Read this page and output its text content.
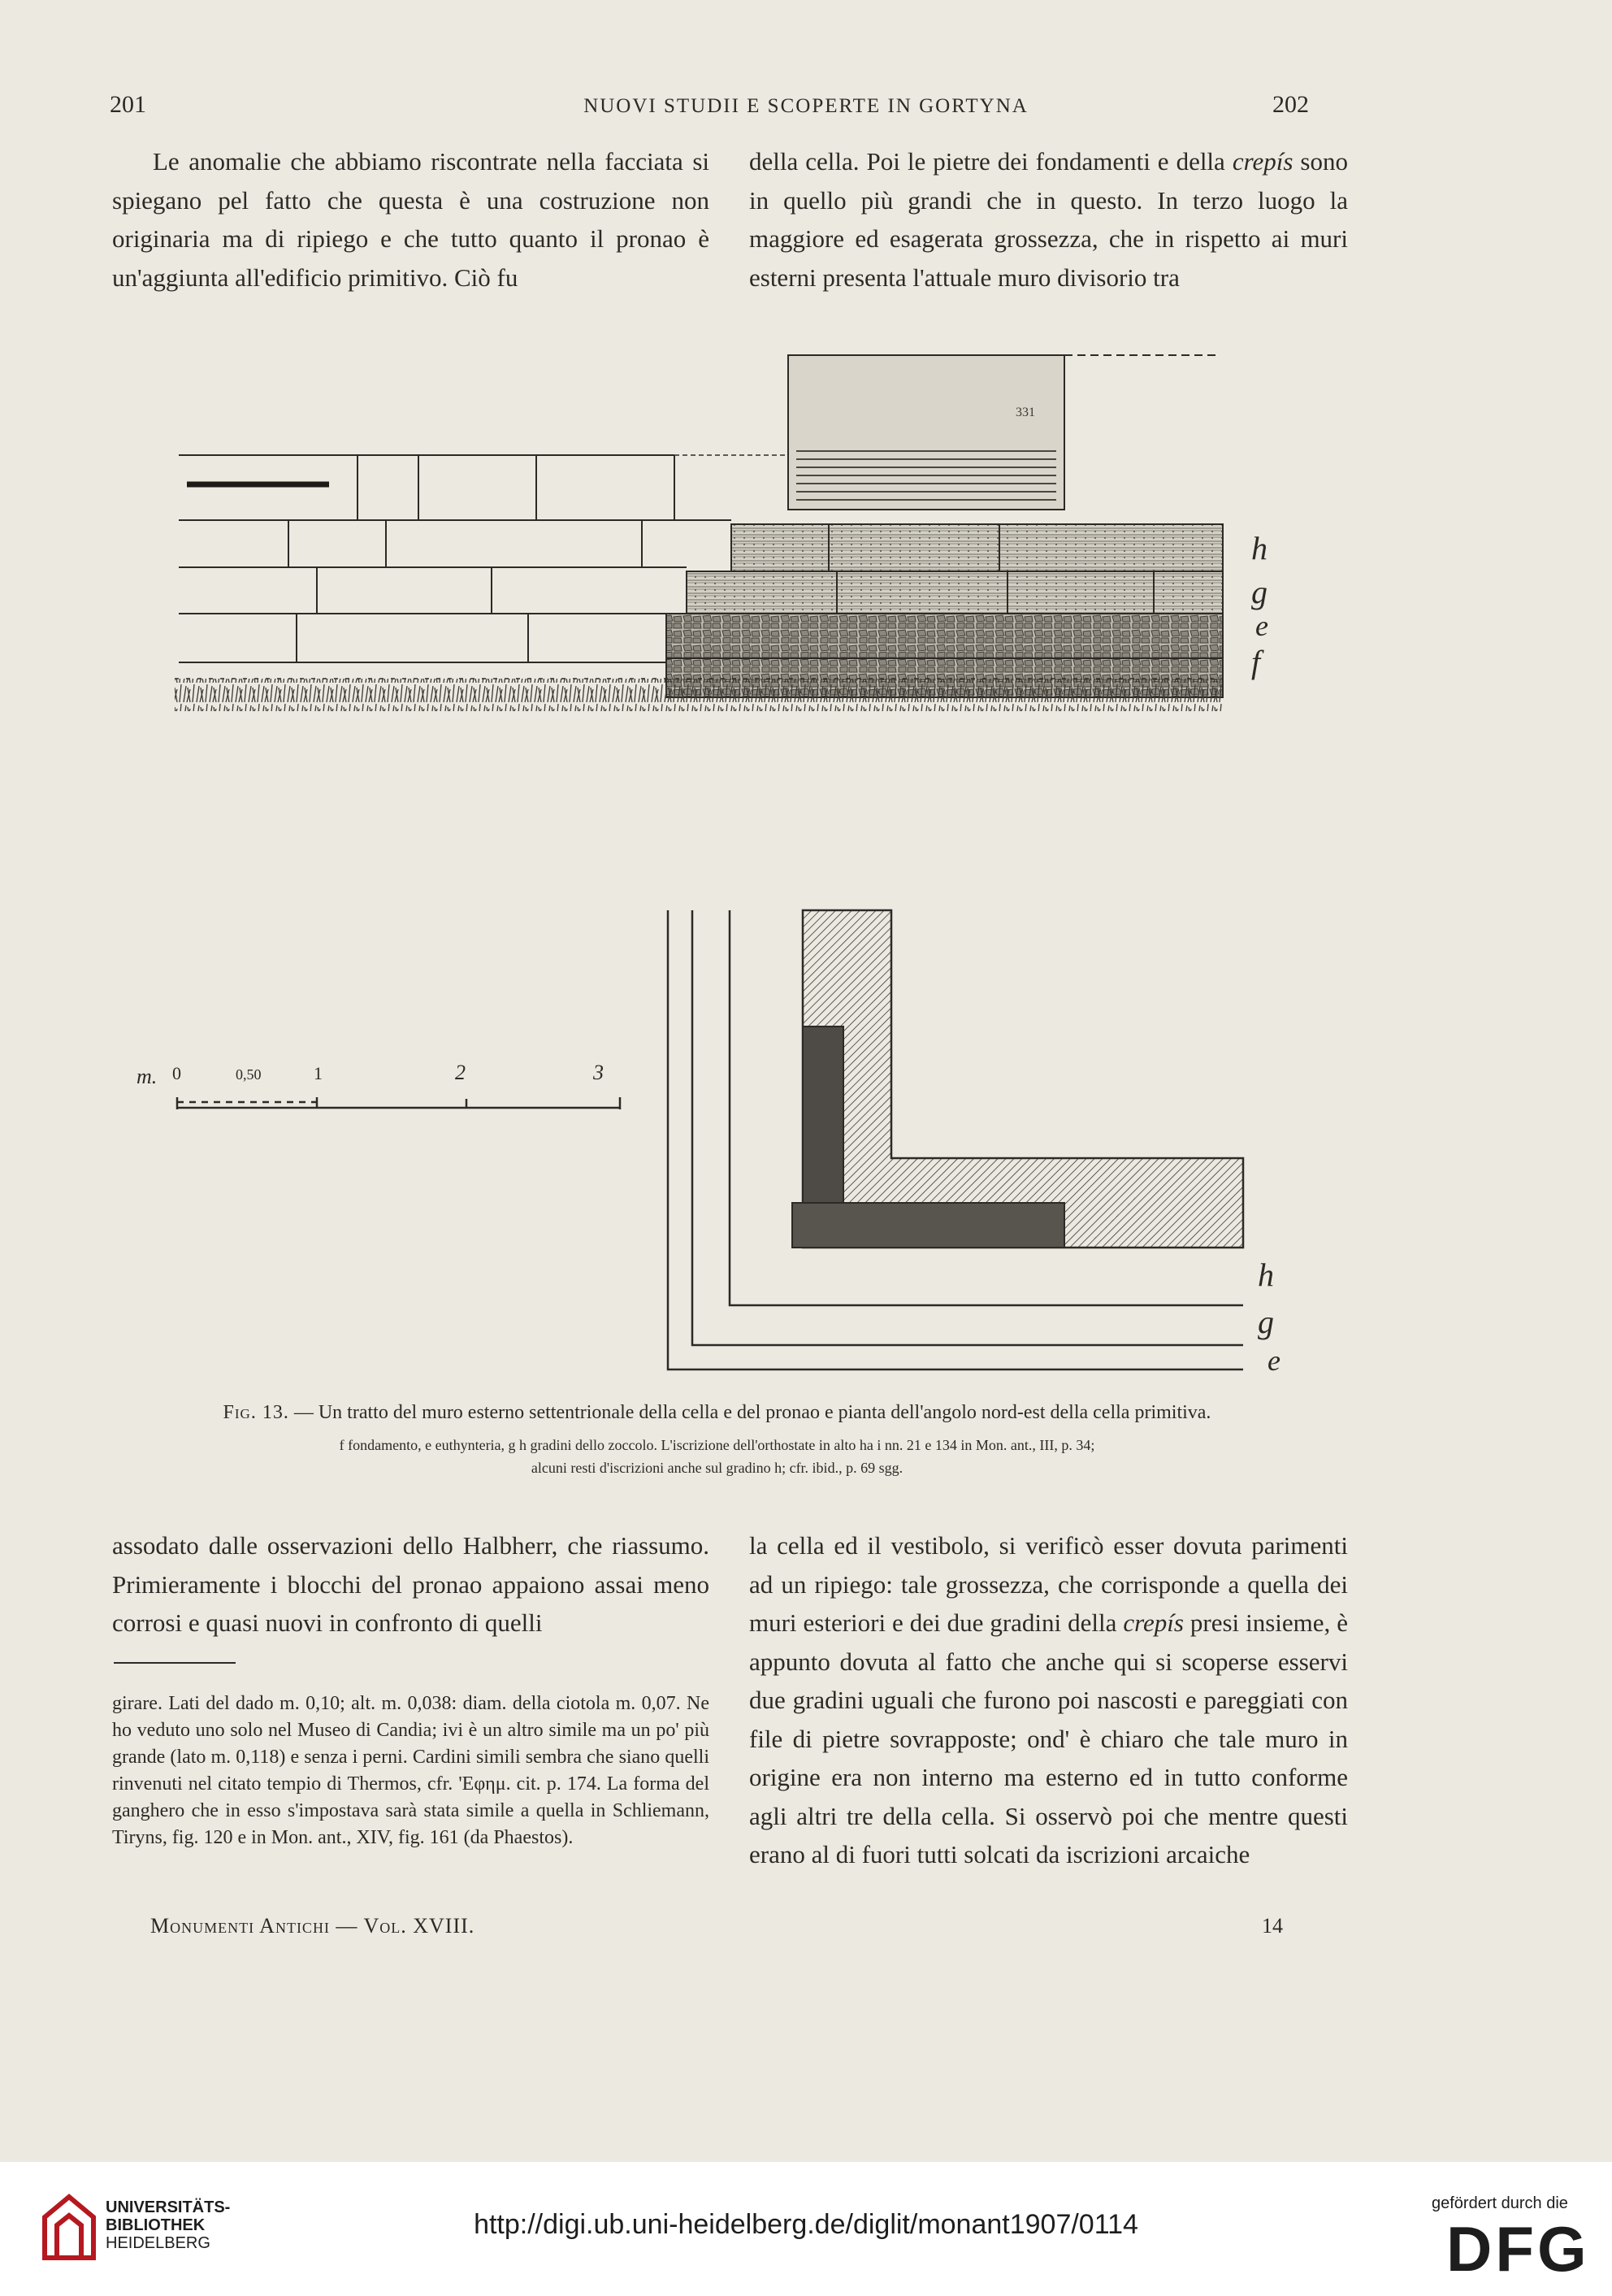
201	NUOVI STUDII E SCOPERTE IN GORTYNA	202

Le anomalie che abbiamo riscontrate nella facciata si spiegano pel fatto che questa è una costruzione non originaria ma di ripiego e che tutto quanto il pronao è un'aggiunta all'edificio primitivo. Ciò fu

della cella. Poi le pietre dei fondamenti e della crepís sono in quello più grandi che in questo. In terzo luogo la maggiore ed esagerata grossezza, che in rispetto ai muri esterni presenta l'attuale muro divisorio tra

331
h
g
e
f
m. 0	0,50	1	2	3
h
g
e
Fig. 13. — Un tratto del muro esterno settentrionale della cella e del pronao e pianta dell'angolo nord-est della cella primitiva.
f fondamento, e euthynteria, g h gradini dello zoccolo. L'iscrizione dell'orthostate in alto ha i nn. 21 e 134 in Mon. ant., III, p. 34;
alcuni resti d'iscrizioni anche sul gradino h; cfr. ibid., p. 69 sgg.

assodato dalle osservazioni dello Halbherr, che riassumo. Primieramente i blocchi del pronao appaiono assai meno corrosi e quasi nuovi in confronto di quelli

girare. Lati del dado m. 0,10; alt. m. 0,038: diam. della ciotola m. 0,07. Ne ho veduto uno solo nel Museo di Candia; ivi è un altro simile ma un po' più grande (lato m. 0,118) e senza i perni. Cardini simili sembra che siano quelli rinvenuti nel citato tempio di Thermos, cfr. 'Εφημ. cit. p. 174. La forma del ganghero che in esso s'impostava sarà stata simile a quella in Schliemann, Tiryns, fig. 120 e in Mon. ant., XIV, fig. 161 (da Phaestos).

la cella ed il vestibolo, si verificò esser dovuta parimenti ad un ripiego: tale grossezza, che corrisponde a quella dei muri esteriori e dei due gradini della crepís presi insieme, è appunto dovuta al fatto che anche qui si scoperse esservi due gradini uguali che furono poi nascosti e pareggiati con file di pietre sovrapposte; ond' è chiaro che tale muro in origine era non interno ma esterno ed in tutto conforme agli altri tre della cella. Si osservò poi che mentre questi erano al di fuori tutti solcati da iscrizioni arcaiche

Monumenti Antichi — Vol. XVIII.	14
UNIVERSITÄTS-
BIBLIOTHEK
HEIDELBERG
http://digi.ub.uni-heidelberg.de/diglit/monant1907/0114
gefördert durch die
DFG
